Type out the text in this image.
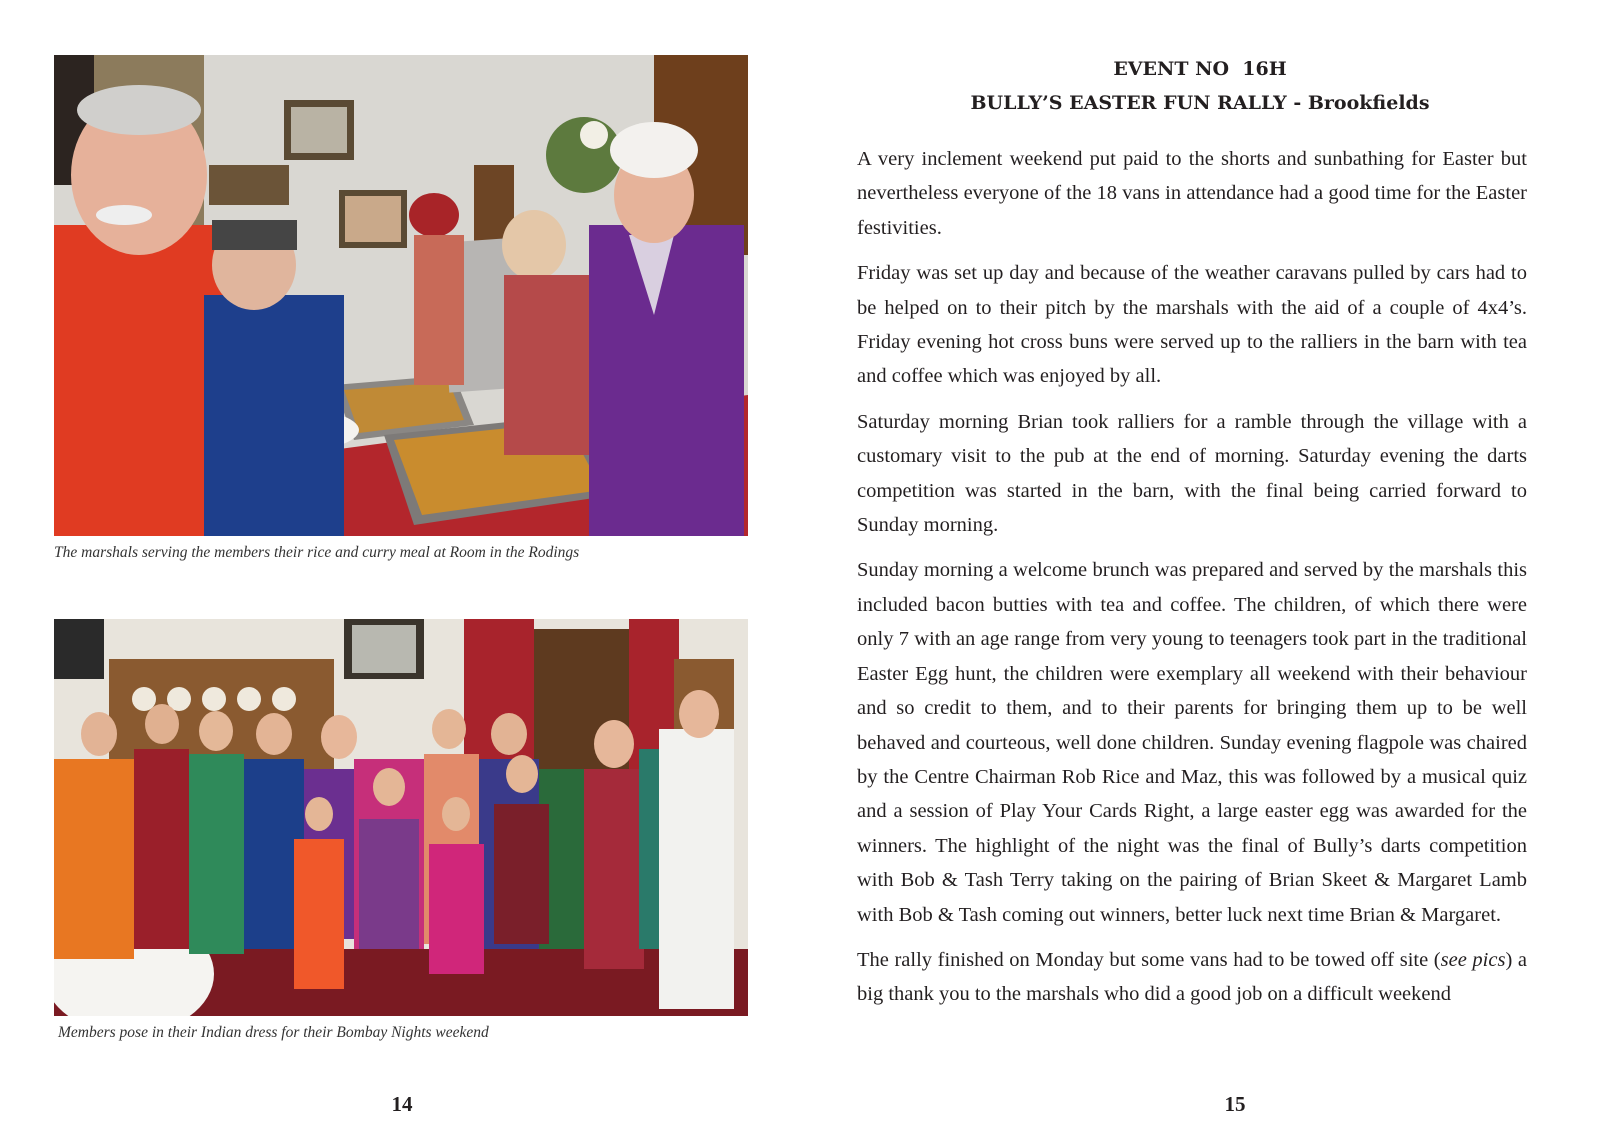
The marshals serving the members their rice and curry meal at Room in the Rodings
Members pose in their Indian dress for their Bombay Nights weekend
14
EVENT NO  16H
BULLY’S EASTER FUN RALLY - Brookfields

A very inclement weekend put paid to the shorts and sunbathing for Easter but nevertheless everyone of the 18 vans in attendance had a good time for the Easter festivities.

Friday was set up day and because of the weather caravans pulled by cars had to be helped on to their pitch by the marshals with the aid of a couple of 4x4’s. Friday evening hot cross buns were served up to the ralliers in the barn with tea and coffee which was enjoyed by all.

Saturday morning Brian took ralliers for a ramble through the village with a customary visit to the pub at the end of morning. Saturday evening the darts competition was started in the barn, with the final being carried forward to Sunday morning.

Sunday morning a welcome brunch was prepared and served by the marshals this included bacon butties with tea and coffee. The children, of which there were only 7 with an age range from very young to teenagers took part in the traditional Easter Egg hunt, the children were exemplary all weekend with their behaviour and so credit to them, and to their parents for bringing them up to be well behaved and courteous, well done children. Sunday evening flagpole was chaired by the Centre Chairman Rob Rice and Maz, this was followed by a musical quiz and a session of Play Your Cards Right, a large easter egg was awarded for the winners. The highlight of the night was the final of Bully’s darts competition with Bob & Tash Terry taking on the pairing of Brian Skeet & Margaret Lamb with Bob & Tash coming out winners, better luck next time Brian & Margaret.

The rally finished on Monday but some vans had to be towed off site (see pics) a big thank you to the marshals who did a good job on a difficult weekend

15
